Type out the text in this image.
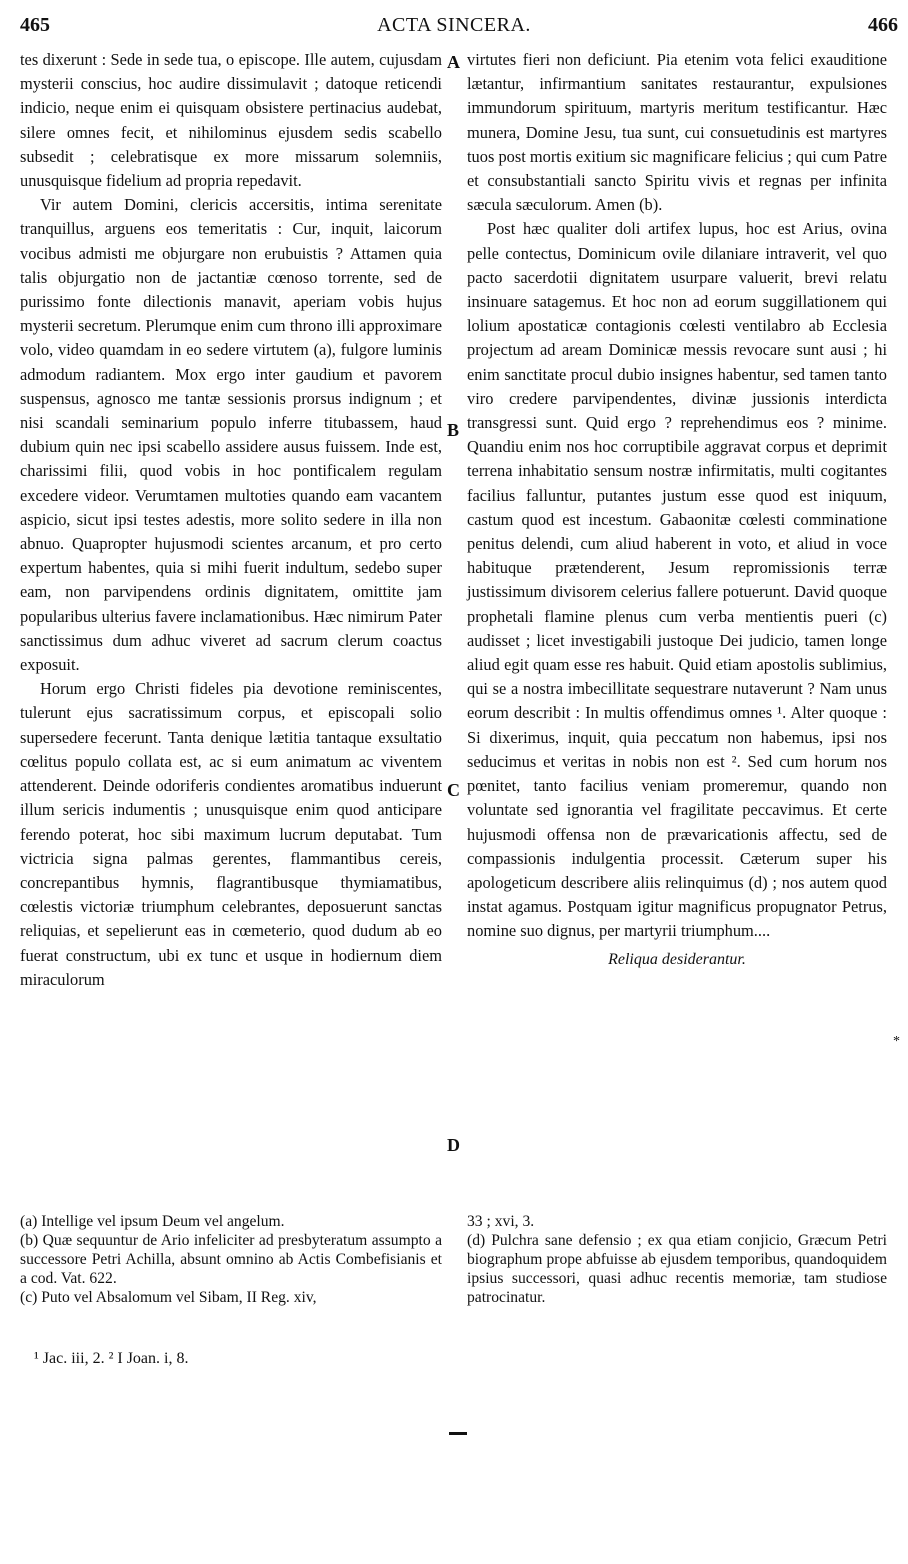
465	ACTA SINCERA.	466

tes dixerunt : Sede in sede tua, o episcope. Ille autem, cujusdam mysterii conscius, hoc audire dissimulavit ; datoque reticendi indicio, neque enim ei quisquam obsistere pertinacius audebat, silere omnes fecit, et nihilominus ejusdem sedis scabello subsedit ; celebratisque ex more missarum solemniis, unusquisque fidelium ad propria repedavit.

Vir autem Domini, clericis accersitis, intima serenitate tranquillus, arguens eos temeritatis : Cur, inquit, laicorum vocibus admisti me objurgare non erubuistis ? Attamen quia talis objurgatio non de jactantiæ cœnoso torrente, sed de purissimo fonte dilectionis manavit, aperiam vobis hujus mysterii secretum. Plerumque enim cum throno illi approximare volo, video quamdam in eo sedere virtutem (a), fulgore luminis admodum radiantem. Mox ergo inter gaudium et pavorem suspensus, agnosco me tantæ sessionis prorsus indignum ; et nisi scandali seminarium populo inferre titubassem, haud dubium quin nec ipsi scabello assidere ausus fuissem. Inde est, charissimi filii, quod vobis in hoc pontificalem regulam excedere videor. Verumtamen multoties quando eam vacantem aspicio, sicut ipsi testes adestis, more solito sedere in illa non abnuo. Quapropter hujusmodi scientes arcanum, et pro certo expertum habentes, quia si mihi fuerit indultum, sedebo super eam, non parvipendens ordinis dignitatem, omittite jam popularibus ulterius favere inclamationibus. Hæc nimirum Pater sanctissimus dum adhuc viveret ad sacrum clerum coactus exposuit.

Horum ergo Christi fideles pia devotione reminiscentes, tulerunt ejus sacratissimum corpus, et episcopali solio supersedere fecerunt. Tanta denique lætitia tantaque exsultatio cœlitus populo collata est, ac si eum animatum ac viventem attenderent. Deinde odoriferis condientes aromatibus induerunt illum sericis indumentis ; unusquisque enim quod anticipare ferendo poterat, hoc sibi maximum lucrum deputabat. Tum victricia signa palmas gerentes, flammantibus cereis, concrepantibus hymnis, flagrantibusque thymiamatibus, cœlestis victoriæ triumphum celebrantes, deposuerunt sanctas reliquias, et sepelierunt eas in cœmeterio, quod dudum ab eo fuerat constructum, ubi ex tunc et usque in hodiernum diem miraculorum

A
B
C
D

virtutes fieri non deficiunt. Pia etenim vota felici exauditione lætantur, infirmantium sanitates restaurantur, expulsiones immundorum spirituum, martyris meritum testificantur. Hæc munera, Domine Jesu, tua sunt, cui consuetudinis est martyres tuos post mortis exitium sic magnificare felicius ; qui cum Patre et consubstantiali sancto Spiritu vivis et regnas per infinita sæcula sæculorum. Amen (b).

Post hæc qualiter doli artifex lupus, hoc est Arius, ovina pelle contectus, Dominicum ovile dilaniare intraverit, vel quo pacto sacerdotii dignitatem usurpare valuerit, brevi relatu insinuare satagemus. Et hoc non ad eorum suggillationem qui lolium apostaticæ contagionis cœlesti ventilabro ab Ecclesia projectum ad aream Dominicæ messis revocare sunt ausi ; hi enim sanctitate procul dubio insignes habentur, sed tamen tanto viro credere parvipendentes, divinæ jussionis interdicta transgressi sunt. Quid ergo ? reprehendimus eos ? minime. Quandiu enim nos hoc corruptibile aggravat corpus et deprimit terrena inhabitatio sensum nostræ infirmitatis, multi cogitantes facilius falluntur, putantes justum esse quod est iniquum, castum quod est incestum. Gabaonitæ cœlesti comminatione penitus delendi, cum aliud haberent in voto, et aliud in voce habituque prætenderent, Jesum repromissionis terræ justissimum divisorem celerius fallere potuerunt. David quoque prophetali flamine plenus cum verba mentientis pueri (c) audisset ; licet investigabili justoque Dei judicio, tamen longe aliud egit quam esse res habuit. Quid etiam apostolis sublimius, qui se a nostra imbecillitate sequestrare nutaverunt ? Nam unus eorum describit : In multis offendimus omnes ¹. Alter quoque : Si dixerimus, inquit, quia peccatum non habemus, ipsi nos seducimus et veritas in nobis non est ². Sed cum horum nos pœnitet, tanto facilius veniam promeremur, quando non voluntate sed ignorantia vel fragilitate peccavimus. Et certe hujusmodi offensa non de prævaricationis affectu, sed de compassionis indulgentia processit. Cæterum super his apologeticum describere aliis relinquimus (d) ; nos autem quod instat agamus. Postquam igitur magnificus propugnator Petrus, nomine suo dignus, per martyrii triumphum....

Reliqua desiderantur.

*

(a) Intellige vel ipsum Deum vel angelum.

(b) Quæ sequuntur de Ario infeliciter ad presbyteratum assumpto a successore Petri Achilla, absunt omnino ab Actis Combefisianis et a cod. Vat. 622.

(c) Puto vel Absalomum vel Sibam, II Reg. xiv,

33 ; xvi, 3.

(d) Pulchra sane defensio ; ex qua etiam conjicio, Græcum Petri biographum prope abfuisse ab ejusdem temporibus, quandoquidem ipsius successori, quasi adhuc recentis memoriæ, tam studiose patrocinatur.

¹ Jac. iii, 2. ² I Joan. i, 8.
